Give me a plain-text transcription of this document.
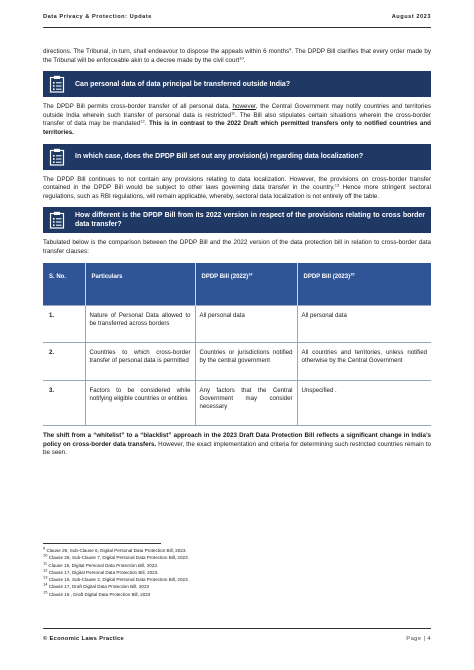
Data Privacy & Protection: Update	August 2023

directions. The Tribunal, in turn, shall endeavour to dispose the appeals within 6 months$^9$. The DPDP Bill clarifies that every order made by the Tribunal will be enforceable akin to a decree made by the civil court$^{10}$.

Can personal data of data principal be transferred outside India?

The DPDP Bill permits cross-border transfer of all personal data, however, the Central Government may notify countries and territories outside India wherein such transfer of personal data is restricted$^{11}$. The Bill also stipulates certain situations wherein the cross-border transfer of data may be mandated$^{12}$. This is in contrast to the 2022 Draft which permitted transfers only to notified countries and territories.

In which case, does the DPDP Bill set out any provision(s) regarding data localization?

The DPDP Bill continues to not contain any provisions relating to data localization. However, the provisions on cross-border transfer contained in the DPDP Bill would be subject to other laws governing data transfer in the country.$^{13}$ Hence more stringent sectoral regulations, such as RBI regulations, will remain applicable, whereby, sectoral data localization is not entirely off the table.

How different is the DPDP Bill from its 2022 version in respect of the provisions relating to cross border data transfer?

Tabulated below is the comparison between the DPDP Bill and the 2022 version of the data protection bill in relation to cross-border data transfer clauses:

S. No.	Particulars	DPDP Bill $(2022)^{14}$	DPDP Bill $(2023)^{15}$
1.	Nature of Personal Data allowed to be transferred across borders	All personal data	All personal data
2.	Countries to which cross-border transfer of personal data is permitted	Countries or jurisdictions notified by the central government	All countries and territories, unless notified otherwise by the Central Government
3.	Factors to be considered while notifying eligible countries or entities	Any factors that the Central Government may consider necessary	Unspecified .

The shift from a “whitelist” to a “blacklist” approach in the 2023 Draft Data Protection Bill reflects a significant change in India’s policy on cross-border data transfers. However, the exact implementation and criteria for determining such restricted countries remain to be seen.

$^9$ Clause 29, Sub-Clause 6, Digital Personal Data Protection Bill, 2023.
$^{10}$ Clause 28, Sub-Clause 7, Digital Personal Data Protection Bill, 2023.
$^{11}$ Clause 16, Digital Personal Data Protection Bill, 2023.
$^{12}$ Clause 17, Digital Personal Data Protection Bill, 2023.
$^{13}$ Clause 16, Sub-Clause 2, Digital Personal Data Protection Bill, 2023.
$^{14}$ Clause 17, Draft Digital Data Protection Bill, 2023
$^{15}$ Clause 16 , Draft Digital Data Protection Bill, 2023
© Economic Laws Practice	Page | 4
